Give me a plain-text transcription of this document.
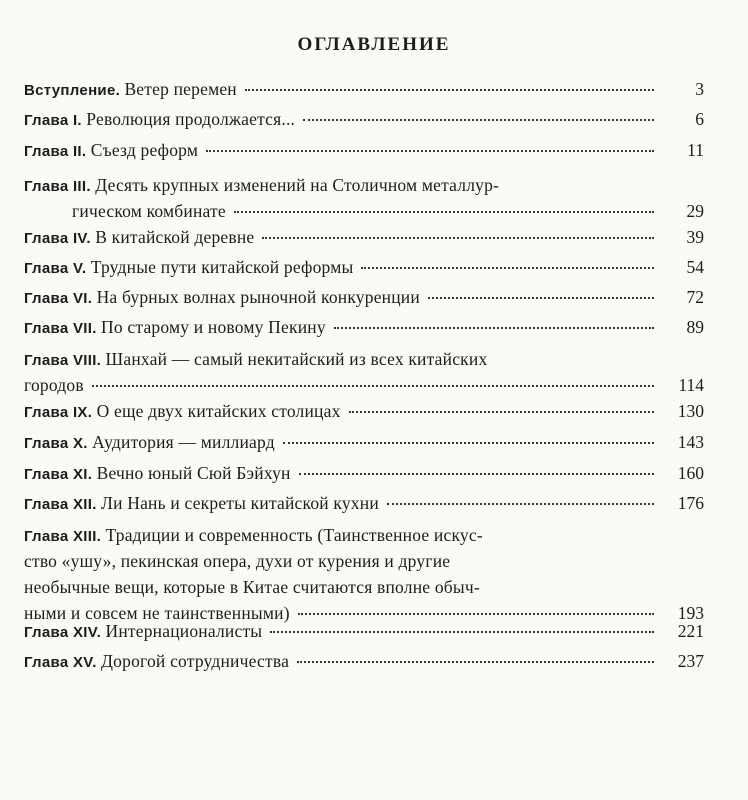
ОГЛАВЛЕНИЕ
Вступление. Ветер перемен	3
Глава I. Революция продолжается...	6
Глава II. Съезд реформ	11
Глава III. Десять крупных изменений на Столичном металлур-
гическом комбинате	29
Глава IV. В китайской деревне	39
Глава V. Трудные пути китайской реформы	54
Глава VI. На бурных волнах рыночной конкуренции	72
Глава VII. По старому и новому Пекину	89
Глава VIII. Шанхай — самый некитайский из всех китайских
городов	114
Глава IX. О еще двух китайских столицах	130
Глава X. Аудитория — миллиард	143
Глава XI. Вечно юный Сюй Бэйхун	160
Глава XII. Ли Нань и секреты китайской кухни	176
Глава XIII. Традиции и современность (Таинственное искус-
ство «ушу», пекинская опера, духи от курения и другие
необычные вещи, которые в Китае считаются вполне обыч-
ными и совсем не таинственными)	193
Глава XIV. Интернационалисты	221
Глава XV. Дорогой сотрудничества	237
